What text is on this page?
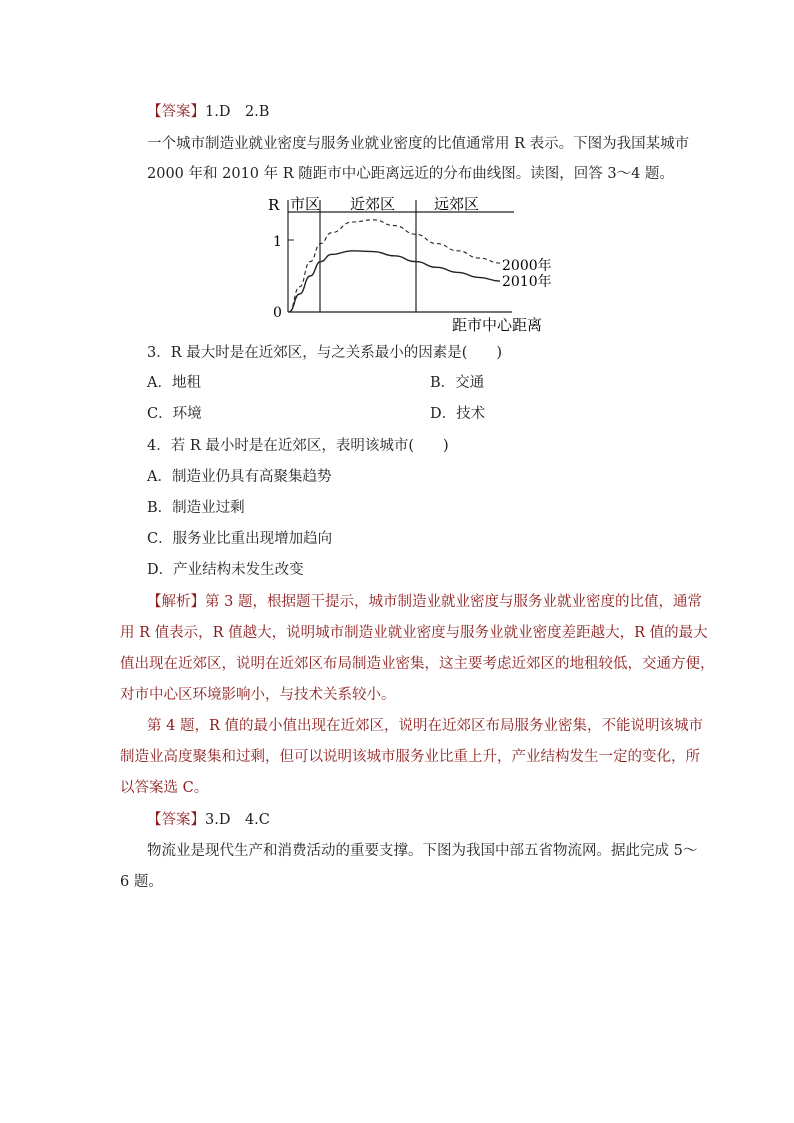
【答案】1.D　2.B
一个城市制造业就业密度与服务业就业密度的比值通常用 R 表示。下图为我国某城市
2000 年和 2010 年 R 随距市中心距离远近的分布曲线图。读图，回答 3～4 题。
R 市区 近郊区	远郊区
1
0
距市中心距离
2000年
2010年
3．R 最大时是在近郊区，与之关系最小的因素是(　　)
A．地租	B．交通
C．环境	D．技术
4．若 R 最小时是在近郊区，表明该城市(　　)
A．制造业仍具有高聚集趋势
B．制造业过剩
C．服务业比重出现增加趋向
D．产业结构未发生改变
【解析】第 3 题，根据题干提示，城市制造业就业密度与服务业就业密度的比值，通常
用 R 值表示，R 值越大，说明城市制造业就业密度与服务业就业密度差距越大，R 值的最大
值出现在近郊区，说明在近郊区布局制造业密集，这主要考虑近郊区的地租较低，交通方便，
对市中心区环境影响小，与技术关系较小。
第 4 题，R 值的最小值出现在近郊区，说明在近郊区布局服务业密集，不能说明该城市
制造业高度聚集和过剩，但可以说明该城市服务业比重上升，产业结构发生一定的变化，所
以答案选 C。
【答案】3.D　4.C
物流业是现代生产和消费活动的重要支撑。下图为我国中部五省物流网。据此完成 5～
6 题。
